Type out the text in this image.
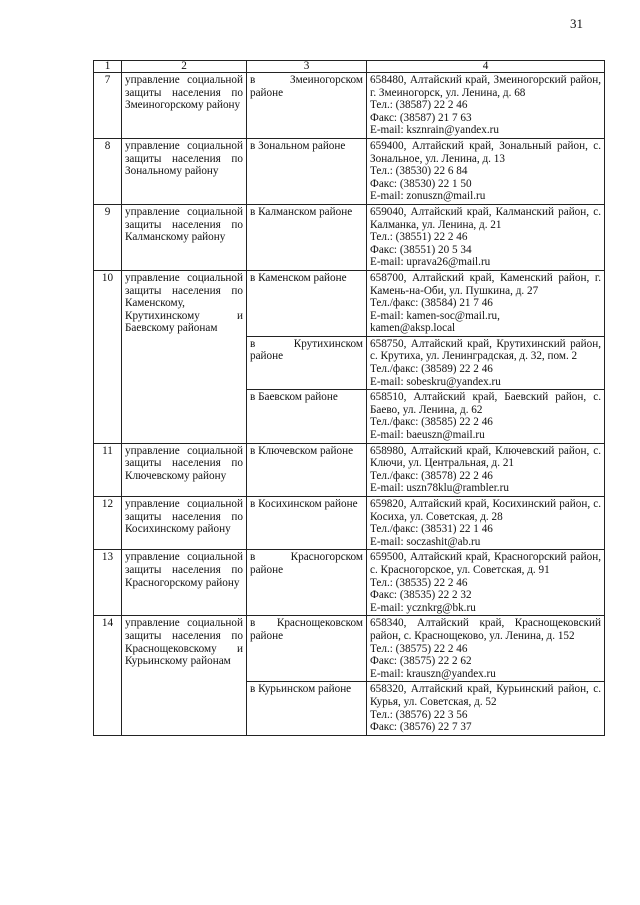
31
1	2	3	4
7	управление социальной защиты населения по Змеиногорскому району	в Змеиногорском районе	658480, Алтайский край, Змеиногорский район, г. Змеиногорск, ул. Ленина, д. 68
Тел.: (38587) 22 2 46
Факс: (38587) 21 7 63
E-mail: ksznrain@yandex.ru

8	управление социальной защиты населения по Зональному району	в Зональном районе	659400, Алтайский край, Зональный район, с. Зональное, ул. Ленина, д. 13
Тел.: (38530) 22 6 84
Факс: (38530) 22 1 50
E-mail: zonuszn@mail.ru

9	управление социальной защиты населения по Калманскому району	в Калманском районе	659040, Алтайский край, Калманский район, с. Калманка, ул. Ленина, д. 21
Тел.: (38551) 22 2 46
Факс: (38551) 20 5 34
E-mail: uprava26@mail.ru

10	управление социальной защиты населения по Каменскому, Крутихинскому и Баевскому районам	в Каменском районе	658700, Алтайский край, Каменский район, г. Камень-на-Оби, ул. Пушкина, д. 27
Тел./факс: (38584) 21 7 46
E-mail: kamen-soc@mail.ru,
kamen@aksp.local

		в Крутихинском районе	658750, Алтайский край, Крутихинский район, с. Крутиха, ул. Ленинградская, д. 32, пом. 2
Тел./факс: (38589) 22 2 46
E-mail: sobeskru@yandex.ru

		в Баевском районе	658510, Алтайский край, Баевский район, с. Баево, ул. Ленина, д. 62
Тел./факс: (38585) 22 2 46
E-mail: baeuszn@mail.ru

11	управление социальной защиты населения по Ключевскому району	в Ключевском районе	658980, Алтайский край, Ключевский район, с. Ключи, ул. Центральная, д. 21
Тел./факс: (38578) 22 2 46
E-mail: uszn78klu@rambler.ru

12	управление социальной защиты населения по Косихинскому району	в Косихинском районе	659820, Алтайский край, Косихинский район, с. Косиха, ул. Советская, д. 28
Тел./факс: (38531) 22 1 46
E-mail: soczashit@ab.ru

13	управление социальной защиты населения по Красногорскому району	в Красногорском районе	659500, Алтайский край, Красногорский район, с. Красногорское, ул. Советская, д. 91
Тел.: (38535) 22 2 46
Факс: (38535) 22 2 32
E-mail: ycznkrg@bk.ru

14	управление социальной защиты населения по Краснощековскому и Курьинскому районам	в Краснощековском районе	658340, Алтайский край, Краснощековский район, с. Краснощеково, ул. Ленина, д. 152
Тел.: (38575) 22 2 46
Факс: (38575) 22 2 62
E-mail: krauszn@yandex.ru

		в Курьинском районе	658320, Алтайский край, Курьинский район, с. Курья, ул. Советская, д. 52
Тел.: (38576) 22 3 56
Факс: (38576) 22 7 37
